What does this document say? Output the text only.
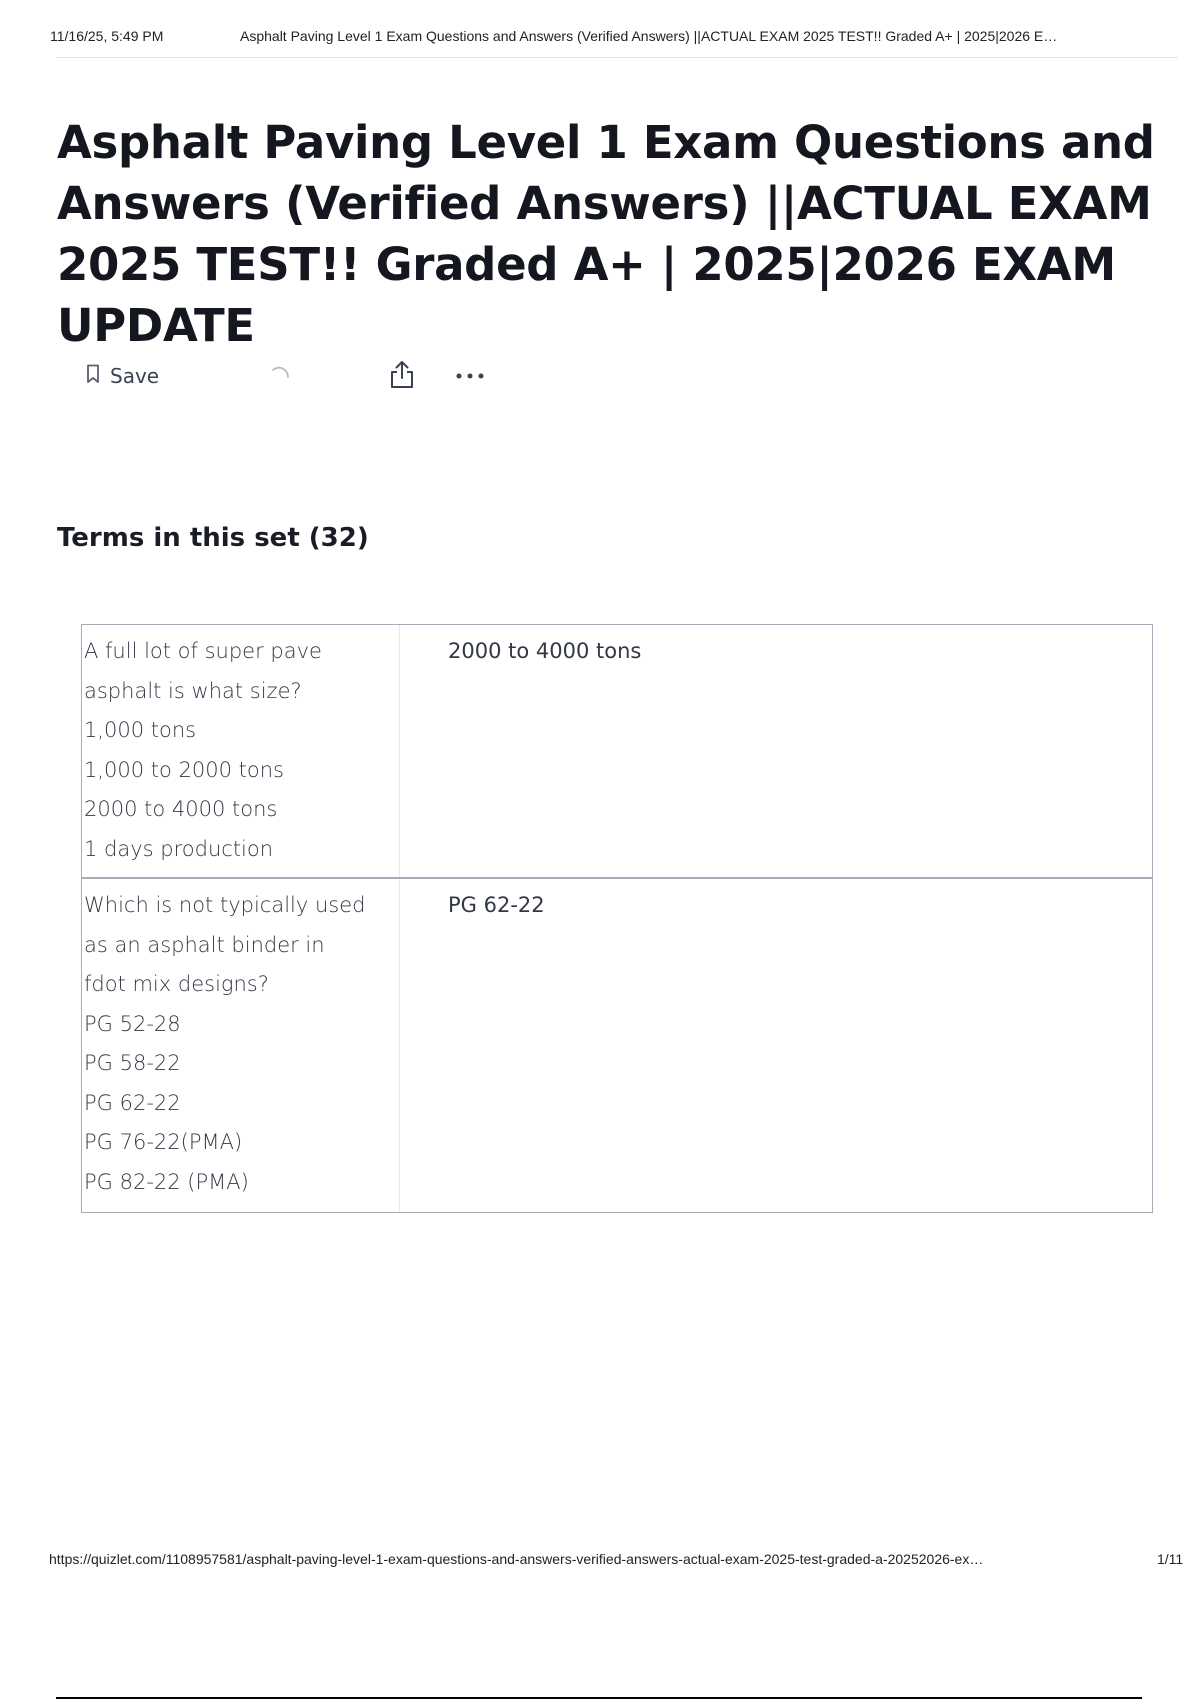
11/16/25, 5:49 PM	Asphalt Paving Level 1 Exam Questions and Answers (Verified Answers) ||ACTUAL EXAM 2025 TEST!! Graded A+ | 2025|2026 E…
Asphalt Paving Level 1 Exam Questions and Answers (Verified Answers) ||ACTUAL EXAM 2025 TEST!! Graded A+ | 2025|2026 EXAM UPDATE
Save
Terms in this set (32)
A full lot of super pave
asphalt is what size?
1,000 tons
1,000 to 2000 tons
2000 to 4000 tons
1 days production
2000 to 4000 tons
Which is not typically used
as an asphalt binder in
fdot mix designs?
PG 52-28
PG 58-22
PG 62-22
PG 76-22(PMA)
PG 82-22 (PMA)
PG 62-22
https://quizlet.com/1108957581/asphalt-paving-level-1-exam-questions-and-answers-verified-answers-actual-exam-2025-test-graded-a-20252026-ex…	1/11
